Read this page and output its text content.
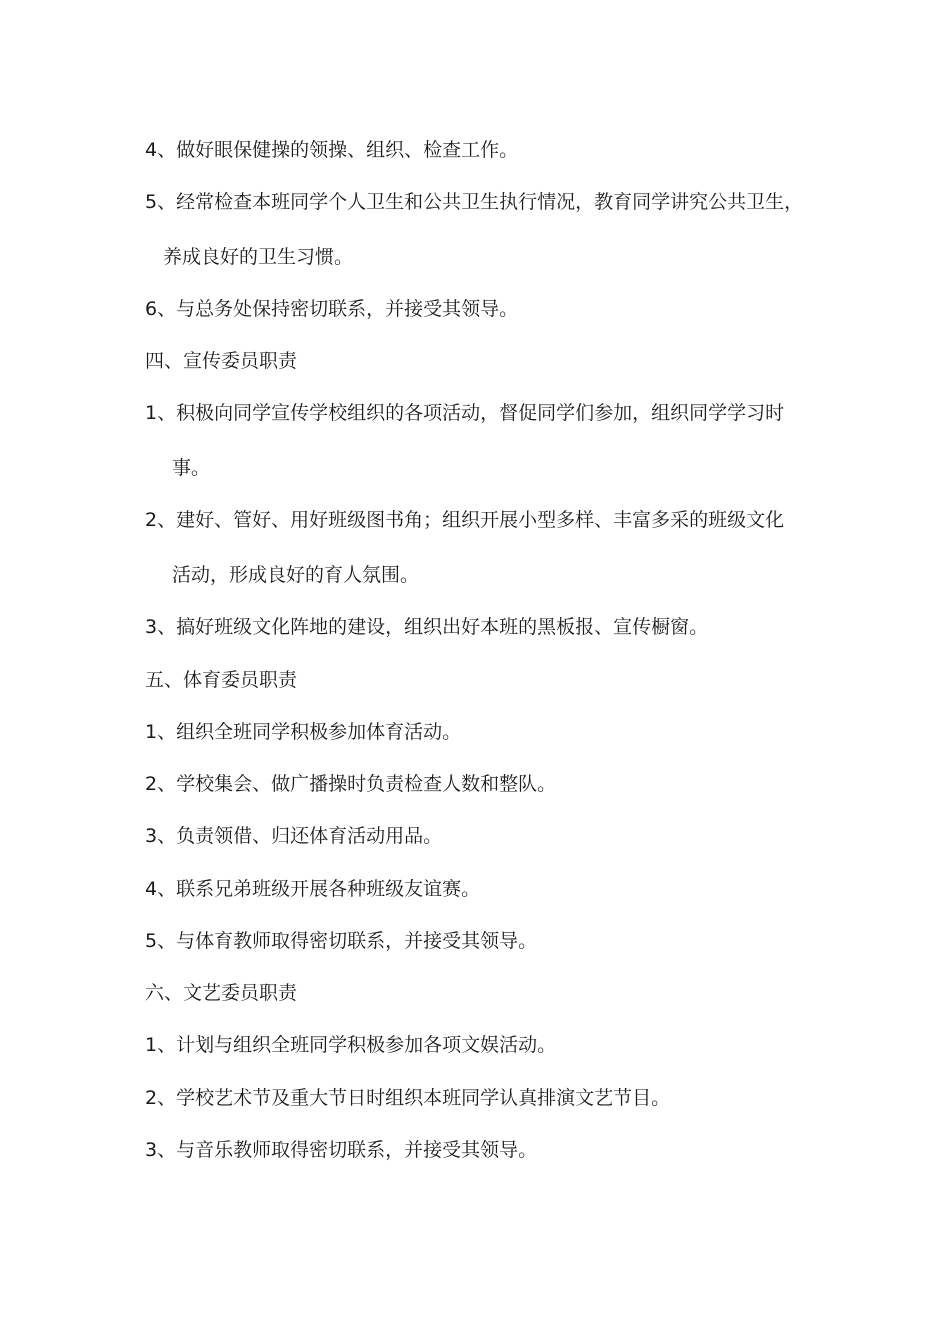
4、做好眼保健操的领操、组织、检查工作。
5、经常检查本班同学个人卫生和公共卫生执行情况，教育同学讲究公共卫生，
养成良好的卫生习惯。
6、与总务处保持密切联系，并接受其领导。
四、宣传委员职责
1、积极向同学宣传学校组织的各项活动，督促同学们参加，组织同学学习时
事。
2、建好、管好、用好班级图书角；组织开展小型多样、丰富多采的班级文化
活动，形成良好的育人氛围。
3、搞好班级文化阵地的建设，组织出好本班的黑板报、宣传橱窗。
五、体育委员职责
1、组织全班同学积极参加体育活动。
2、学校集会、做广播操时负责检查人数和整队。
3、负责领借、归还体育活动用品。
4、联系兄弟班级开展各种班级友谊赛。
5、与体育教师取得密切联系，并接受其领导。
六、文艺委员职责
1、计划与组织全班同学积极参加各项文娱活动。
2、学校艺术节及重大节日时组织本班同学认真排演文艺节目。
3、与音乐教师取得密切联系，并接受其领导。
